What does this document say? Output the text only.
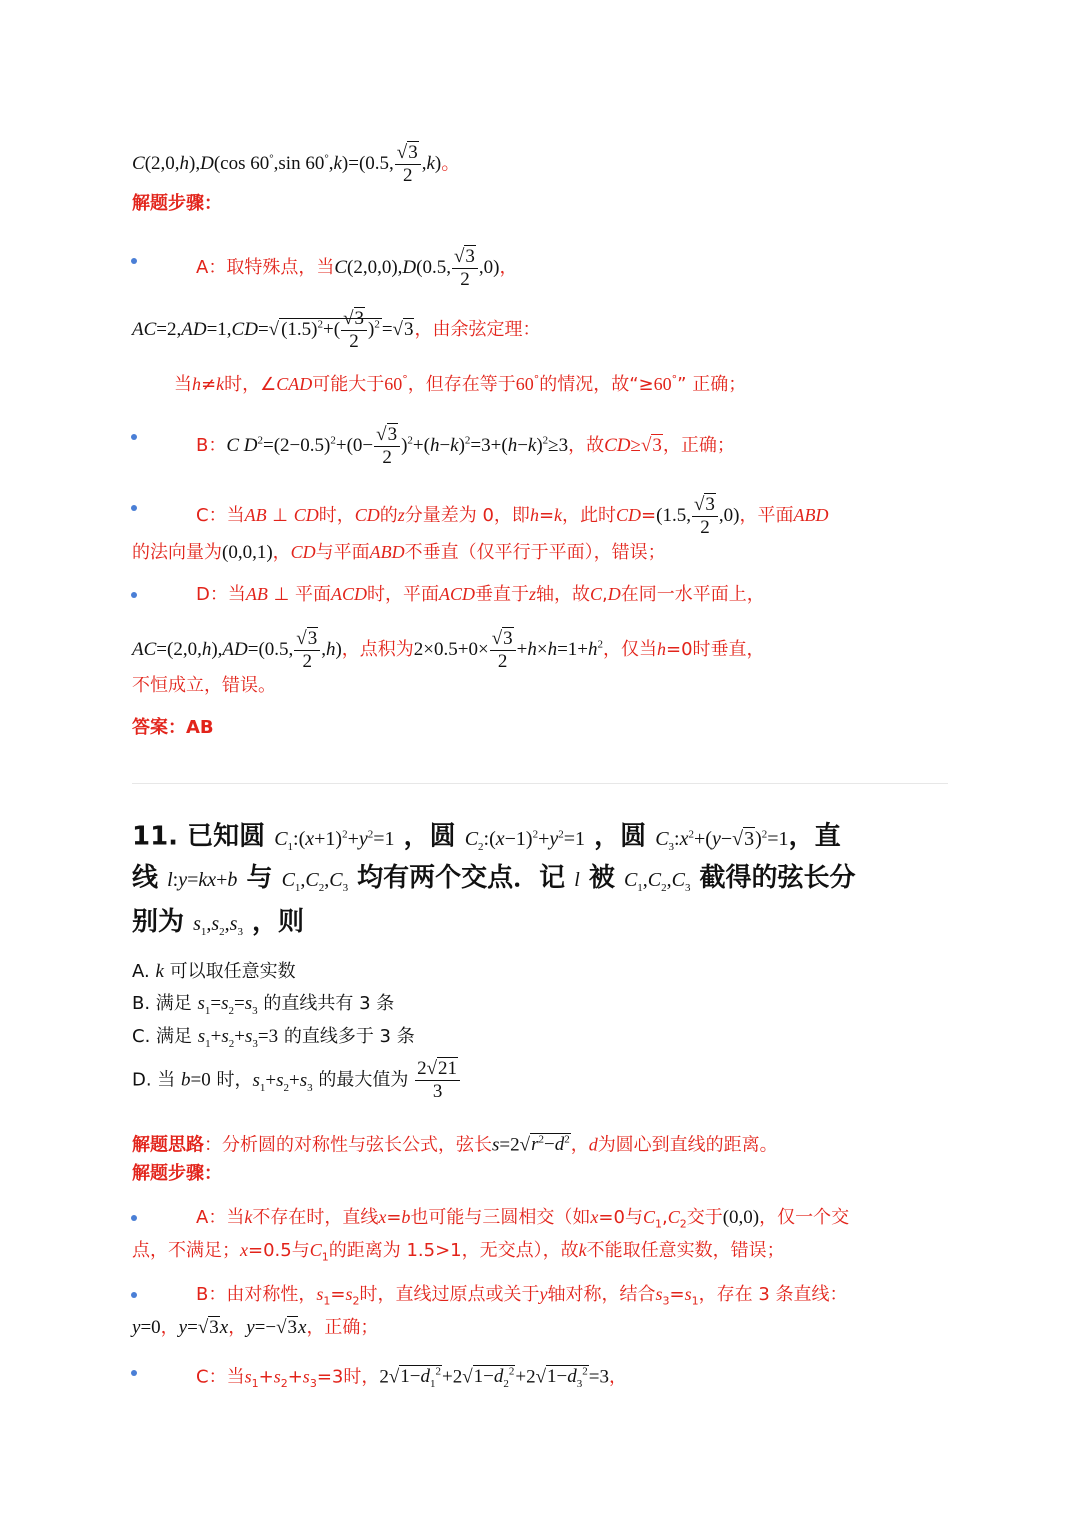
C(2,0,h),D(cos 60°,sin 60°,k)=(0.5, $\frac{√3}{2} ,k$)。
解题步骤：
A：取特殊点，当C(2,0,0),D(0.5, $\frac{√3}{2} ,0$)，
AC=2,AD=1,CD=√ $(1.5)^2+( \frac{√3}{2} )^2 =√3$，由余弦定理：
当h≠k时，∠CAD可能大于60°，但存在等于60°的情况，故“≥60°” 正确；
B：C $D^2=(2-0.5)^2+(0- \frac{√3}{2} )^2+(h-k)^2=3+(h-k)^2\ge 3$，故CD≥√3，正确；
C：当AB ⊥ CD时，CD的z分量差为 0，即h=k，此时CD=(1.5, $\frac{√3}{2} ,0$)，平面ABD
的法向量为(0,0,1)，CD与平面ABD不垂直（仅平行于平面），错误；
D：当AB ⊥ 平面ACD时，平面ACD垂直于z轴，故C,D在同一水平面上，
AC=(2,0,h),AD=(0.5, $\frac{√3}{2} ,h$)，点积为$2\times 0.5+0\times \frac{√3}{2} +h\times h=1+h^2$，仅当h=0时垂直，
不恒成立，错误。
答案：AB
11. 已知圆 $C_1:(x+1)^2+y^2=1$ ，圆 $C_2:(x-1)^2+y^2=1$ ，圆 $C_3:x^2+(y-√3)^2=1$，直
线 l:y=kx+b 与 $C_1,C_2,C_3$ 均有两个交点．记 l 被 $C_1,C_2,C_3$ 截得的弦长分
别为 $s_1,s_2,s_3$ ，则
A. k 可以取任意实数
B. 满足 $s_1=s_2=s_3$ 的直线共有 3 条
C. 满足 $s_1+s_2+s_3=3$ 的直线多于 3 条
D. 当 b=0 时，$s_1+s_2+s_3$ 的最大值为 $\frac{2√21}{3}$
解题思路：分析圆的对称性与弦长公式，弦长$s=2√r^2-d^2$，d为圆心到直线的距离。
解题步骤：
A：当k不存在时，直线x=b也可能与三圆相交（如x=0与$C_1,C_2$交于(0,0)，仅一个交
点，不满足；x=0.5与$C_1$的距离为 1.5>1，无交点），故k不能取任意实数，错误；
B：由对称性，$s_1=s_2$时，直线过原点或关于y轴对称，结合$s_3=s_1$，存在 3 条直线：
y=0，y=√3x，y=−√3x，正确；
C：当$s_1+s_2+s_3=3$时，$2√1-d_1^2+2√1-d_2^2+2√1-d_3^2=3$，
